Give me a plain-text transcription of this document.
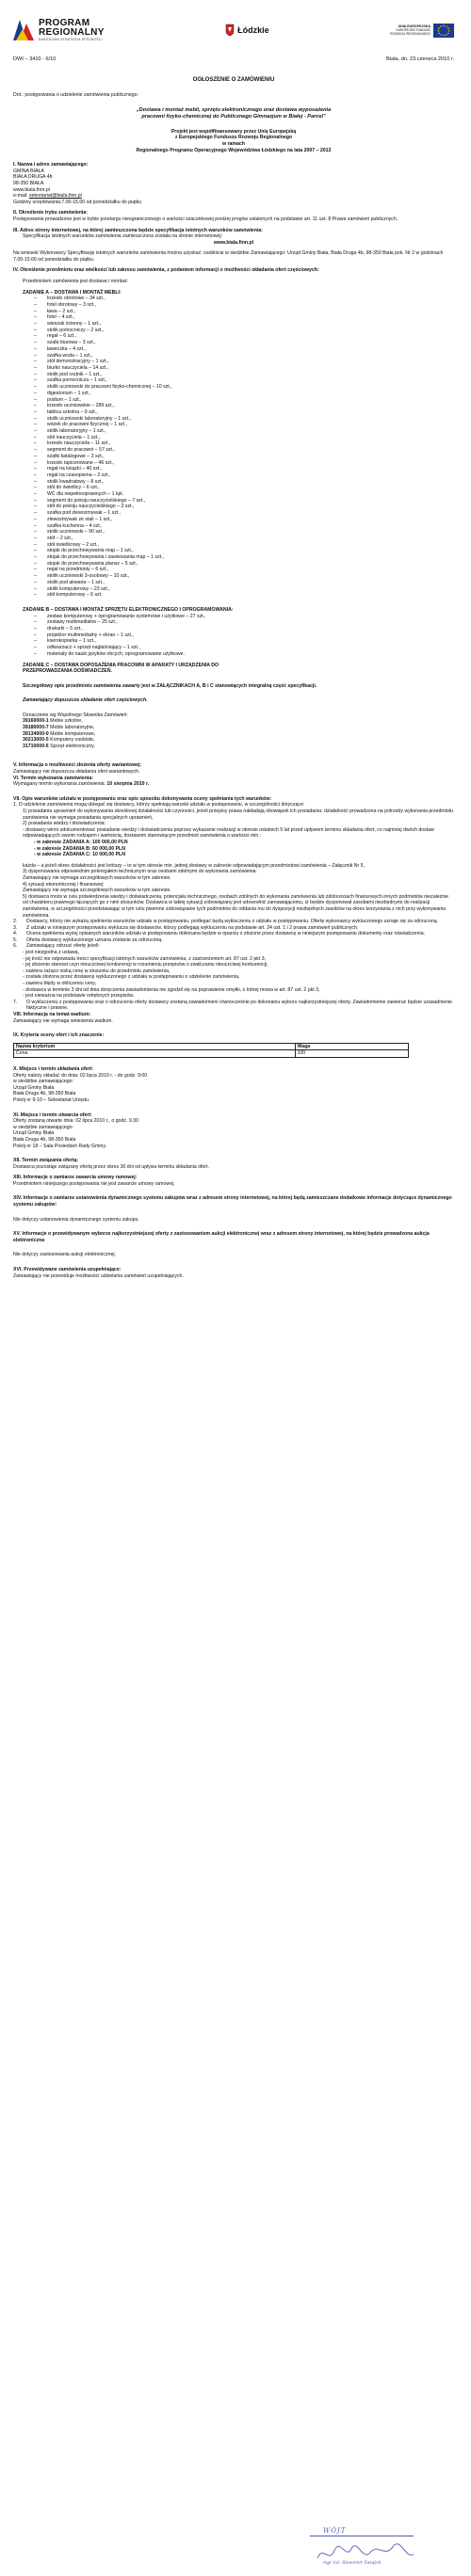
PROGRAM
REGIONALNY
NARODOWA STRATEGIA SPÓJNOŚCI
Łódzkie	UNIA EUROPEJSKA
EUROPEJSKI FUNDUSZ
ROZWOJU REGIONALNEGO
DWI – 3410 - 6/10	Biała, dn. 23 czerwca 2010 r.
OGŁOSZENIE O ZAMÓWIENIU
Dot.: postępowania o udzielenie zamówienia publicznego:
„Dostawa i montaż mebli, sprzętu elektronicznego oraz dostawa wyposażenia
pracowni fizyko-chemicznej do Publicznego Gimnazjum w Białej - Parcel"
Projekt jest współfinansowany przez Unię Europejską
z Europejskiego Funduszu Rozwoju Regionalnego
w ramach
Regionalnego Programu Operacyjnego Województwa Łódzkiego na lata 2007 – 2013
I. Nazwa i adres zamawiającego:
GMINA BIAŁA
BIAŁA DRUGA 4b
98-350 BIAŁA
www.biala.fnm.pl
e-mail: sekretariat@biala.finn.pl
Godziny urzędowania:7.00-15.00 od poniedziałku do piątku
II. Określenie trybu zamówienia:
Postępowanie prowadzone jest w trybie przetargu nieograniczonego o wartości szacunkowej poniżej progów ustalonych na podstawie art. 11 ust. 8 Prawa zamówień publicznych.
III. Adres strony internetowej, na której zamieszczona będzie specyfikacja istotnych warunków zamówienia:
Specyfikacja istotnych warunków zamówienia zamieszczona została na stronie internetowej:
www.biala.finn.pl
Na wniosek Wykonawcy Specyfikację istotnych warunków zamówienia można uzyskać: osobiście w siedzibie Zamawiającego: Urząd Gminy Biała, Biała Druga 4b, 98-350 Biała pok. Nr 2 w godzinach 7.00-15.00 od poniedziałku do piątku.
IV. Określenie przedmiotu oraz wielkości lub zakresu zamówienia, z podaniem informacji o możliwości składania ofert częściowych:
Przedmiotem zamówienia jest dostawa i montaż:
ZADANIE A – DOSTAWA I MONTAŻ MEBLI:
– krzesło obrotowe – 34 szt.,
– fotel obrotowy – 3 szt.,
– ława – 2 szt.,
– fotel – 4 szt.,
– wieszak ścienny – 1 szt.,
– stolik pomocniczy – 2 szt.,
– regał – 6 szt.,
– szafa biurowa – 3 szt.,
– ławeczka – 4 szt.,
– szafka woda – 1 szt.,
– stół demonstracyjny – 1 szt.,
– biurko nauczyciela – 14 szt.,
– stolik pod rzutnik – 1 szt.,
– szafka pomocnicza – 1 szt.,
– stolik uczniowski do pracowni fizyko-chemicznej – 10 szt.,
– digestorium – 1 szt.,
– podium – 1 szt.,
– krzesło uczniowskie – 289 szt.,
– tablica szkolna – 9 szt.,
– stolik uczniowski laboratoryjny – 1 szt.,
– wózek do pracowni fizycznej – 1 szt.,
– stolik laboratoryjny – 1 szt.,
– stół nauczyciela – 1 szt.,
– krzesło nauczyciela – 11 szt.,
– segment do pracowni – 57 szt.,
– szafki katalogowe – 3 szt.,
– krzesło tapicerowane – 46 szt.,
– regał na książki – 40 szt.,
– regał na czasopisma – 2 szt.,
– stolik kwadratowy – 8 szt.,
– stół do świetlicy – 6 szt.,
– WC dla niepełnosprawnych – 1 kpl.
– segment do pokoju nauczycielskiego – 7 szt.,
– stół do pokoju nauczycielskiego – 3 szt.,
– szafka pod zlewozmywak – 1 szt.,
– zlewozmywak ze stali – 1 szt.,
– szafka kuchenna – 4 szt.,
– stolik uczniowski – 90 szt.,
– stół – 2 szt.,
– stół świetlicowy – 2 szt.,
– stojak do przechowywania map – 1 szt.,
– stojak do przechowywania i zawieszania map – 1 szt.,
– stojak do przechowywania plansz – 5 szt.,
– regał na przedmioty – 6 szt.,
– stolik uczniowski 3-osobowy – 10 szt.,
– stolik pod akwaria – 1 szt.,
– stolik komputerowy – 23 szt.,
– stół komputerowy – 6 szt.
ZADANIE B – DOSTAWA I MONTAŻ SPRZĘTU ELEKTRONICZNEGO I OPROGRAMOWANIA:
– zestaw komputerowy + oprogramowanie systemowe i użytkowe – 27 szt.,
– zestawy multimedialne – 25 szt.,
– drukarki – 5 szt.,
– projektor multimedialny + ekran – 1 szt.,
– kserokopiarka – 1 szt.,
– odtwarzacz + sprzęt nagłaśniający – 1 szt.,
– materiały do nauki języków obcych, oprogramowanie użytkowe.
ZADANIE C – DOSTAWA DOPOSAŻENIA PRACOWNI W APARATY I URZĄDZENIA DO
PRZEPROWADZANIA DOŚWIADCZEŃ.
Szczegółowy opis przedmiotu zamówienia zawarty jest w ZAŁĄCZNIKACH A, B i C stanowiących integralną część specyfikacji.
Zamawiający dopuszcza składanie ofert częściowych.
Oznaczenie wg Wspólnego Słownika Zamówień:
39160000-1 Meble szkolne,
39180000-7 Meble laboratoryjne,
39134000-0 Meble komputerowe,
30213000-5 Komputery osobiste,
31710000-6 Sprzęt elektroniczny.
V. Informacja o możliwości złożenia oferty wariantowej:
Zamawiający nie dopuszcza składania ofert wariantowych.
VI. Termin wykonania zamówienia:
Wymagany termin wykonania zamówienia: 10 sierpnia 2010 r.
VII. Opis warunków udziału w postępowaniu oraz opis sposobu dokonywania oceny spełniania tych warunków:
1. O udzielenie zamówienia mogą ubiegać się dostawcy, którzy spełniają warunki udziału w postępowaniu, w szczególności dotyczące:
1) posiadania uprawnień do wykonywania określonej działalności lub czynności, jeżeli przepisy prawa nakładają obowiązek ich posiadania: działalność prowadzona na potrzeby wykonania przedmiotu zamówienia nie wymaga posiadania specjalnych uprawnień,
2) posiadania wiedzy i doświadczenia:
- dostawcy winni udokumentować posiadanie wiedzy i doświadczenia poprzez wykazanie realizacji w okresie ostatnich 5 lat przed upływem terminu składania ofert, co najmniej dwóch dostaw odpowiadających swoim rodzajem i wartością, dostawom stanowiącym przedmiot zamówienia o wartości min.:
- w zakresie ZADANIA A: 100 000,00 PLN
- w zakresie ZADANIA B: 60 000,00 PLN
- w zakresie ZADANIA C: 10 000,00 PLN
każda – a jeżeli okres działalności jest krótszy – to w tym okresie min. jednej dostawy w zakresie odpowiadającym przedmiotowi zamówienia – Załącznik Nr 5,
3) dysponowania odpowiednim potencjałem technicznym oraz osobami zdolnymi do wykonania zamówienia:
Zamawiający nie wymaga szczegółowych warunków w tym zakresie.
4) sytuacji ekonomicznej i finansowej:
Zamawiający nie wymaga szczegółowych warunków w tym zakresie.
5) dostawca może w celu potwierdzenia wiedzy i doświadczenia, potencjału technicznego, osobach zdolnych do wykonania zamówienia lub zdolnościach finansowych innych podmiotów niezależnie od charakteru prawnego łączących go z nimi stosunków. Dostawca w takiej sytuacji zobowiązany jest udowodnić zamawiającemu, iż będzie dysponował zasobami niezbędnymi do realizacji zamówienia, w szczególności przedstawiając w tym celu pisemne zobowiązanie tych podmiotów do oddania mu do dyspozycji niezbędnych zasobów na okres korzystania z nich przy wykonywaniu zamówienia.
2. Dostawcy, którzy nie wykażą spełnienia warunków udziału w postępowaniu, podlegać będą wykluczeniu z udziału w postępowaniu. Ofertę wykonawcy wykluczonego uznaje się za odrzuconą.
3. Z udziału w niniejszym postępowaniu wyklucza się dostawców, którzy podlegają wykluczeniu na podstawie art. 24 ust. 1 i 2 prawa zamówień publicznych.
4. Ocena spełnienia wyżej opisanych warunków udziału w postępowaniu dokonana będzie w oparciu o złożone przez dostawcę w niniejszym postępowaniu dokumenty oraz oświadczenia.
5. Oferta dostawcy wykluczonego uznana zostanie za odrzuconą.
6. Zamawiający odrzuci ofertę jeżeli:
- jest niezgodna z ustawą,
- jej treść nie odpowiada treści specyfikacji istotnych warunków zamówienia, z zastrzeżeniem art. 87 ust. 2 pkt 3,
- jej złożenie stanowi czyn nieuczciwej konkurencji w rozumieniu przepisów o zwalczaniu nieuczciwej konkurencji,
- zawiera rażąco niską cenę w stosunku do przedmiotu zamówienia,
- została złożona przez dostawcę wykluczonego z udziału w postępowaniu o udzielenie zamówienia,
- zawiera błędy w obliczeniu ceny,
- dostawca w terminie 3 dni od dnia doręczenia zawiadomienia nie zgodził się na poprawienie omyłki, o której mowa w art. 87 ust. 2 pkt 3,
- jest nieważna na podstawie odrębnych przepisów.
7. O wykluczeniu z postępowania oraz o odrzuceniu oferty dostawcy zostaną zawiadomieni równocześnie po dokonaniu wyboru najkorzystniejszej oferty. Zawiadomienie zawierać będzie uzasadnienie faktyczne i prawne.
VIII. Informacja na temat wadium:
Zamawiający nie wymaga wniesienia wadium.
IX. Kryteria oceny ofert i ich znaczenie:
Nazwa kryterium	Waga
Cena	100
X. Miejsce i termin składania ofert:
Oferty należy składać do dnia: 02 lipca 2010 r. - do godz. 9:00
w siedzibie zamawiającego:
Urząd Gminy Biała
Biała Druga 4b, 98-350 Biała
Pokój nr 9-10 – Sekretariat Urzędu.
XI. Miejsce i termin otwarcia ofert:
Oferty zostaną otwarte dnia: 02 lipca 2010 r., o godz. 9.30
w siedzibie zamawiającego:
Urząd Gminy Biała
Biała Druga 4b, 98-350 Biała
Pokój nr 18 – Sala Posiedzeń Rady Gminy.
XII. Termin związania ofertą:
Dostawca pozostaje związany ofertą przez okres 30 dni od upływu terminu składania ofert.
XIII. Informacje o zamiarze zawarcia umowy ramowej:
Przedmiotem niniejszego postępowania nie jest zawarcie umowy ramowej.
XIV. Informacje o zamiarze ustanowienia dynamicznego systemu zakupów wraz z adresem strony internetowej, na której będą zamieszczane dodatkowe informacje dotyczące dynamicznego systemu zakupów:
Nie dotyczy ustanowienia dynamicznego systemu zakupu.
XV. Informacje o przewidywanym wyborze najkorzystniejszej oferty z zastosowaniem aukcji elektronicznej wraz z adresem strony internetowej, na której będzie prowadzona aukcja elektroniczna
Nie dotyczy zastosowania aukcji elektronicznej.
XVI. Przewidywane zamówienia uzupełniające:
Zamawiający nie przewiduje możliwości udzielania zamówień uzupełniających.
WÓJT
mgr inż. Sławomir Świątek
